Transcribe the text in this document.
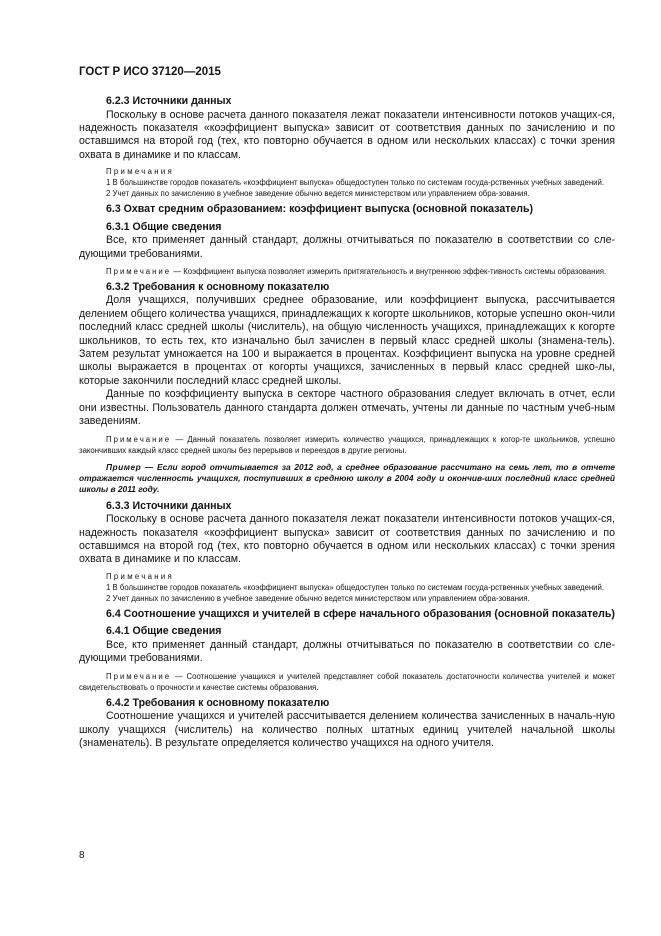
ГОСТ Р ИСО 37120—2015

6.2.3 Источники данных

Поскольку в основе расчета данного показателя лежат показатели интенсивности потоков учащих-ся, надежность показателя «коэффициент выпуска» зависит от соответствия данных по зачислению и по оставшимся на второй год (тех, кто повторно обучается в одном или нескольких классах) с точки зрения охвата в динамике и по классам.

Примечания

1 В большинстве городов показатель «коэффициент выпуска» общедоступен только по системам госуда-рственных учебных заведений.

2 Учет данных по зачислению в учебное заведение обычно ведется министерством или управлением обра-зования.

6.3 Охват средним образованием: коэффициент выпуска (основной показатель)

6.3.1 Общие сведения

Все, кто применяет данный стандарт, должны отчитываться по показателю в соответствии со сле-дующими требованиями.

Примечание — Коэффициент выпуска позволяет измерить притягательность и внутреннюю эффек-тивность системы образования.

6.3.2 Требования к основному показателю

Доля учащихся, получивших среднее образование, или коэффициент выпуска, рассчитывается делением общего количества учащихся, принадлежащих к когорте школьников, которые успешно окон-чили последний класс средней школы (числитель), на общую численность учащихся, принадлежащих к когорте школьников, то есть тех, кто изначально был зачислен в первый класс средней школы (знамена-тель). Затем результат умножается на 100 и выражается в процентах. Коэффициент выпуска на уровне средней школы выражается в процентах от когорты учащихся, зачисленных в первый класс средней шко-лы, которые закончили последний класс средней школы.

Данные по коэффициенту выпуска в секторе частного образования следует включать в отчет, если они известны. Пользователь данного стандарта должен отмечать, учтены ли данные по частным учеб-ным заведениям.

Примечание — Данный показатель позволяет измерить количество учащихся, принадлежащих к когор-те школьников, успешно закончивших каждый класс средней школы без перерывов и переездов в другие регионы.

Пример — Если город отчитывается за 2012 год, а среднее образование рассчитано на семь лет, то в отчете отражается численность учащихся, поступивших в среднюю школу в 2004 году и окончив-ших последний класс средней школы в 2011 году.

6.3.3 Источники данных

Поскольку в основе расчета данного показателя лежат показатели интенсивности потоков учащих-ся, надежность показателя «коэффициент выпуска» зависит от соответствия данных по зачислению и по оставшимся на второй год (тех, кто повторно обучается в одном или нескольких классах) с точки зрения охвата в динамике и по классам.

Примечания

1 В большинстве городов показатель «коэффициент выпуска» общедоступен только по системам госуда-рственных учебных заведений.

2 Учет данных по зачислению в учебное заведение обычно ведется министерством или управлением обра-зования.

6.4 Соотношение учащихся и учителей в сфере начального образования (основной показатель)

6.4.1 Общие сведения

Все, кто применяет данный стандарт, должны отчитываться по показателю в соответствии со сле-дующими требованиями.

Примечание — Соотношение учащихся и учителей представляет собой показатель достаточности количества учителей и может свидетельствовать о прочности и качестве системы образования.

6.4.2 Требования к основному показателю

Соотношение учащихся и учителей рассчитывается делением количества зачисленных в началь-ную школу учащихся (числитель) на количество полных штатных единиц учителей начальной школы (знаменатель). В результате определяется количество учащихся на одного учителя.

8
